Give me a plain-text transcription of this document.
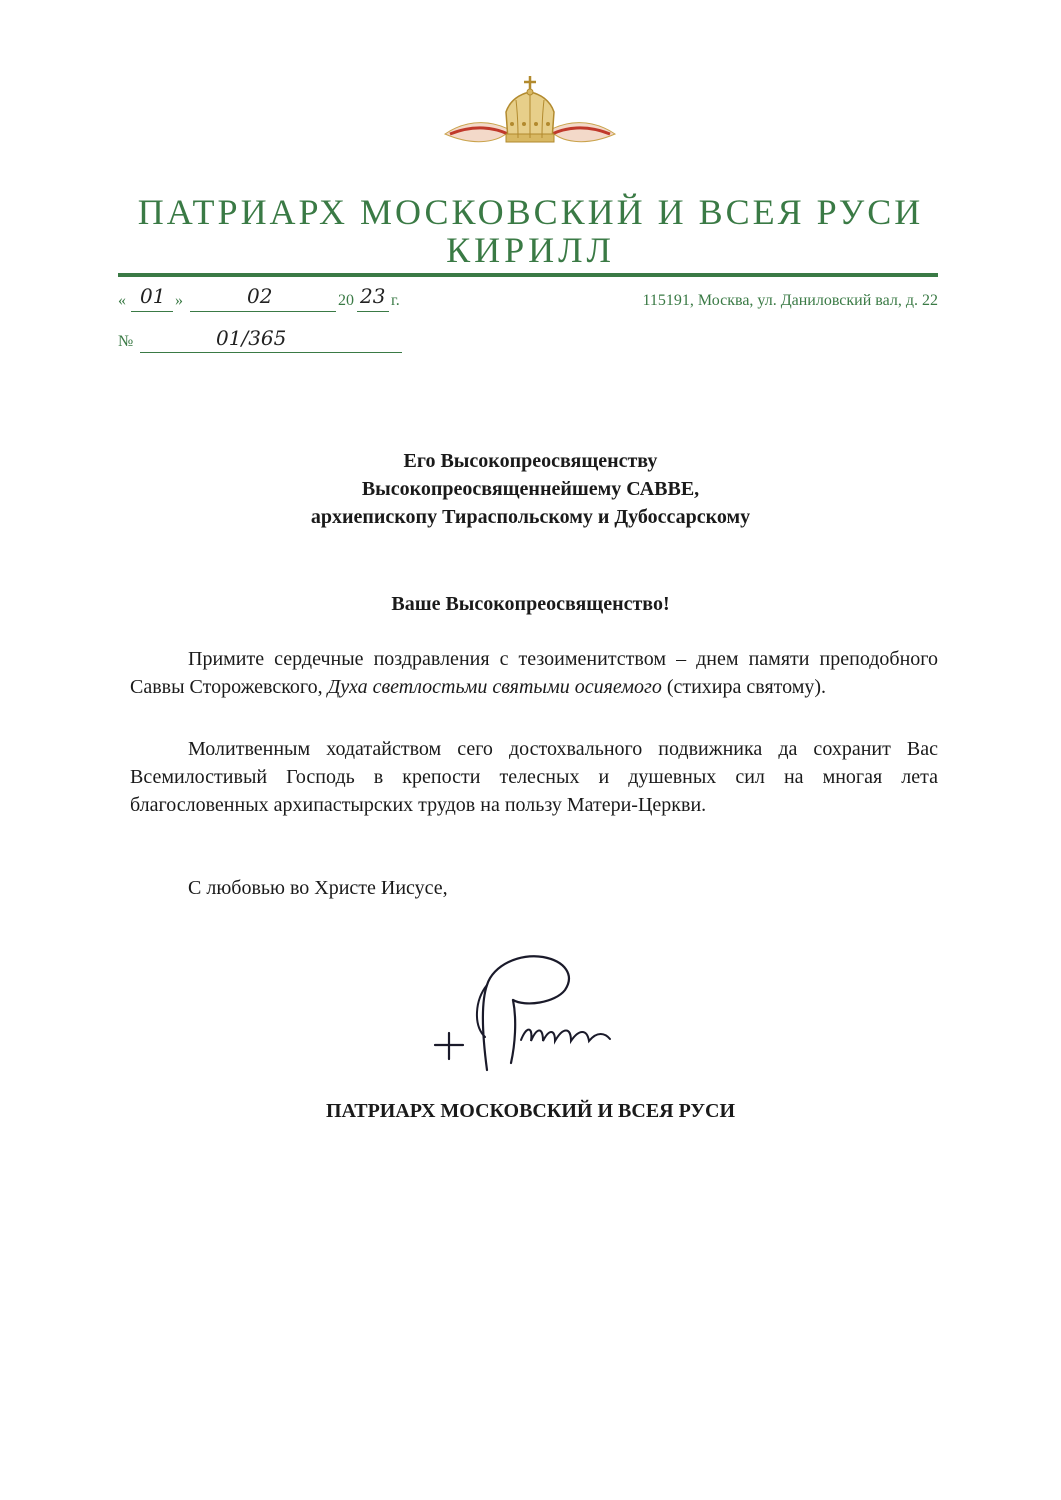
ПАТРИАРХ МОСКОВСКИЙ И ВСЕЯ РУСИ
КИРИЛЛ
« 01 »	02	20 23 г.	115191, Москва, ул. Даниловский вал, д. 22
№	01/365
Его Высокопреосвященству
Высокопреосвященнейшему САВВЕ,
архиепископу Тираспольскому и Дубоссарскому
Ваше Высокопреосвященство!
Примите сердечные поздравления с тезоименитством – днем памяти преподобного Саввы Сторожевского, Духа светлостьми святыми осияемого (стихира святому).
Молитвенным ходатайством сего достохвального подвижника да сохранит Вас Всемилостивый Господь в крепости телесных и душевных сил на многая лета благословенных архипастырских трудов на пользу Матери-Церкви.
С любовью во Христе Иисусе,
ПАТРИАРХ МОСКОВСКИЙ И ВСЕЯ РУСИ
